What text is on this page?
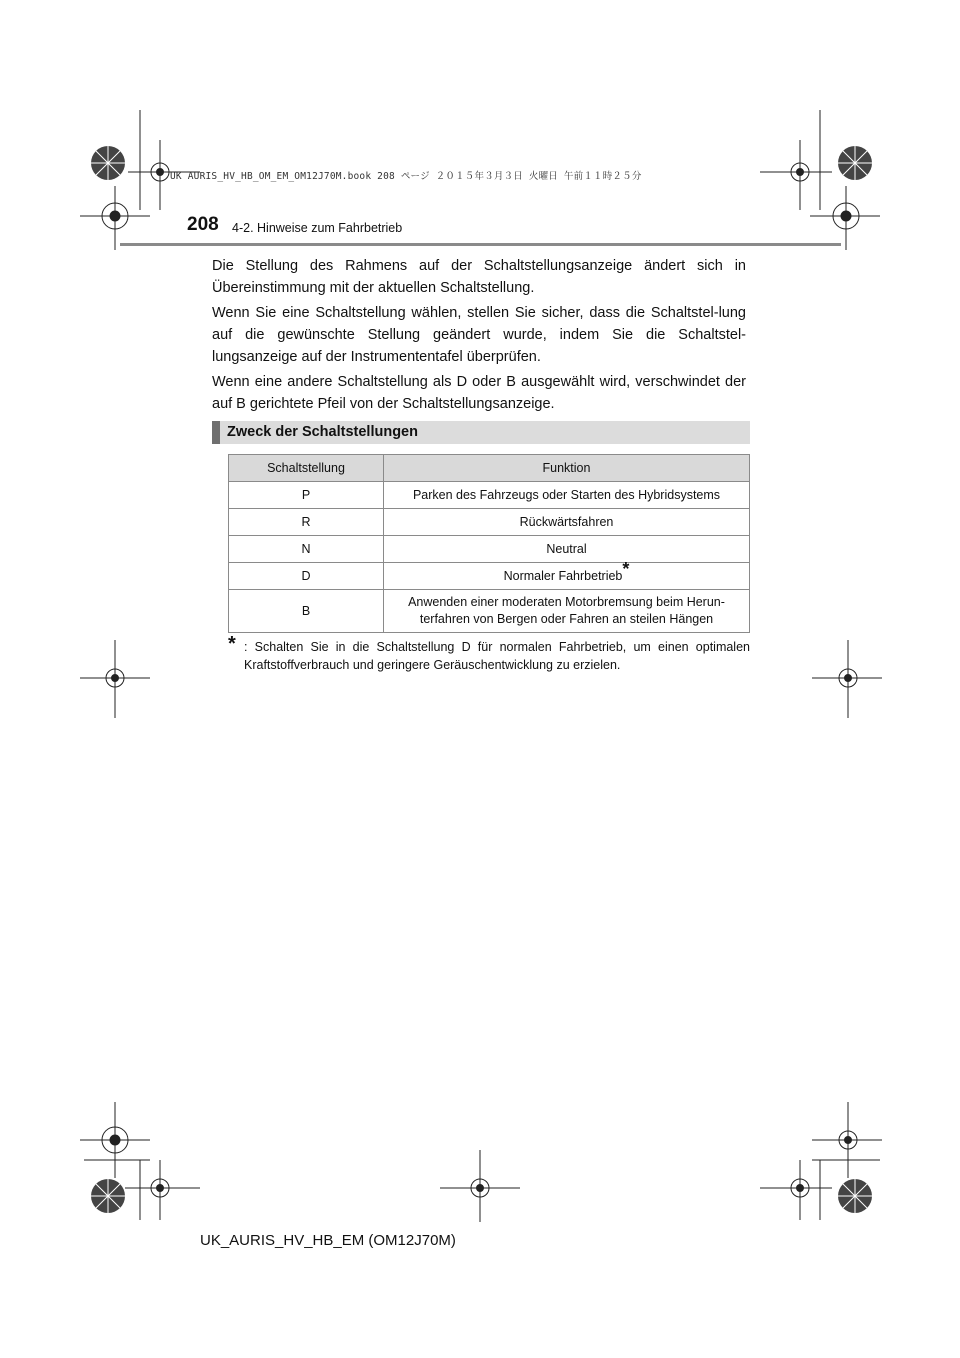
UK AURIS_HV_HB_OM_EM_OM12J70M.book 208 ページ ２０１５年３月３日 火曜日 午前１１時２５分
208 4-2. Hinweise zum Fahrbetrieb
Die Stellung des Rahmens auf der Schaltstellungsanzeige ändert sich in Übereinstimmung mit der aktuellen Schaltstellung.
Wenn Sie eine Schaltstellung wählen, stellen Sie sicher, dass die Schaltstel-lung auf die gewünschte Stellung geändert wurde, indem Sie die Schaltstel-lungsanzeige auf der Instrumententafel überprüfen.
Wenn eine andere Schaltstellung als D oder B ausgewählt wird, verschwindet der auf B gerichtete Pfeil von der Schaltstellungsanzeige.
Zweck der Schaltstellungen
Schaltstellung	Funktion
P	Parken des Fahrzeugs oder Starten des Hybridsystems
R	Rückwärtsfahren
N	Neutral
D	Normaler Fahrbetrieb*
B	Anwenden einer moderaten Motorbremsung beim Herun-terfahren von Bergen oder Fahren an steilen Hängen
* : Schalten Sie in die Schaltstellung D für normalen Fahrbetrieb, um einen optimalen Kraftstoffverbrauch und geringere Geräuschentwicklung zu erzielen.
UK_AURIS_HV_HB_EM (OM12J70M)
